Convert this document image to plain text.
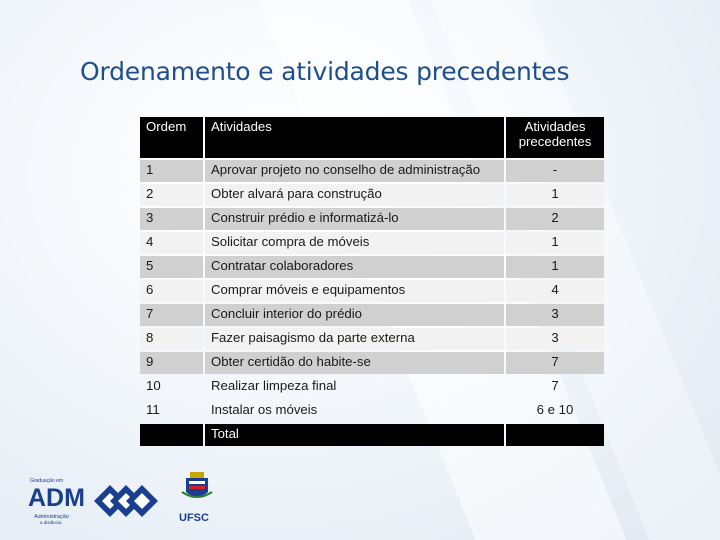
Ordenamento e atividades precedentes
Ordem	Atividades	Atividades precedentes
1	Aprovar projeto no conselho de administração	-
2	Obter alvará para construção	1
3	Construir prédio e informatizá-lo	2
4	Solicitar compra de móveis	1
5	Contratar colaboradores	1
6	Comprar móveis e equipamentos	4
7	Concluir interior do prédio	3
8	Fazer paisagismo da parte externa	3
9	Obter certidão do habite-se	7
10	Realizar limpeza final	7
11	Instalar os móveis	6 e 10
	Total	
Graduação em
ADM
Administração
a distância	UFSC
